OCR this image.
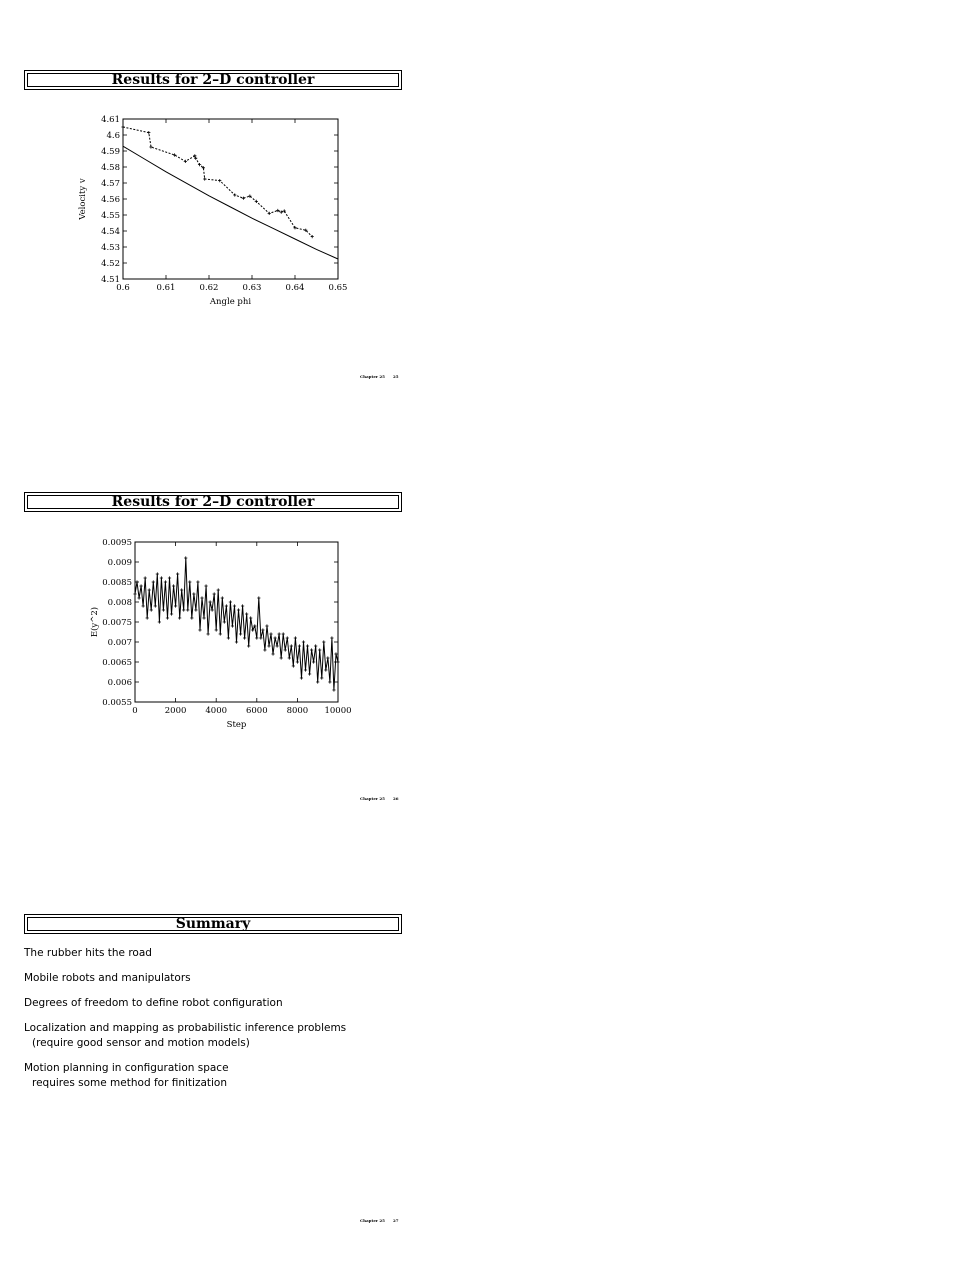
Results for 2–D controller
0.6	0.61	0.62	0.63	0.64	0.65
4.51
4.52
4.53
4.54
4.55
4.56
4.57
4.58
4.59
4.6
4.61
Angle phi
Velocity v
Chapter 25 25
Results for 2–D controller
Chapter 25 26
Summary
The rubber hits the road
Mobile robots and manipulators
Degrees of freedom to define robot configuration
Localization and mapping as probabilistic inference problems
(require good sensor and motion models)
Motion planning in configuration space
requires some method for finitization
Chapter 25 27
0	2000 4000 6000 8000 10000
0.0055
0.006
0.0065
0.007
0.0075
0.008
0.0085
0.009
0.0095
Step
E(y^2)
